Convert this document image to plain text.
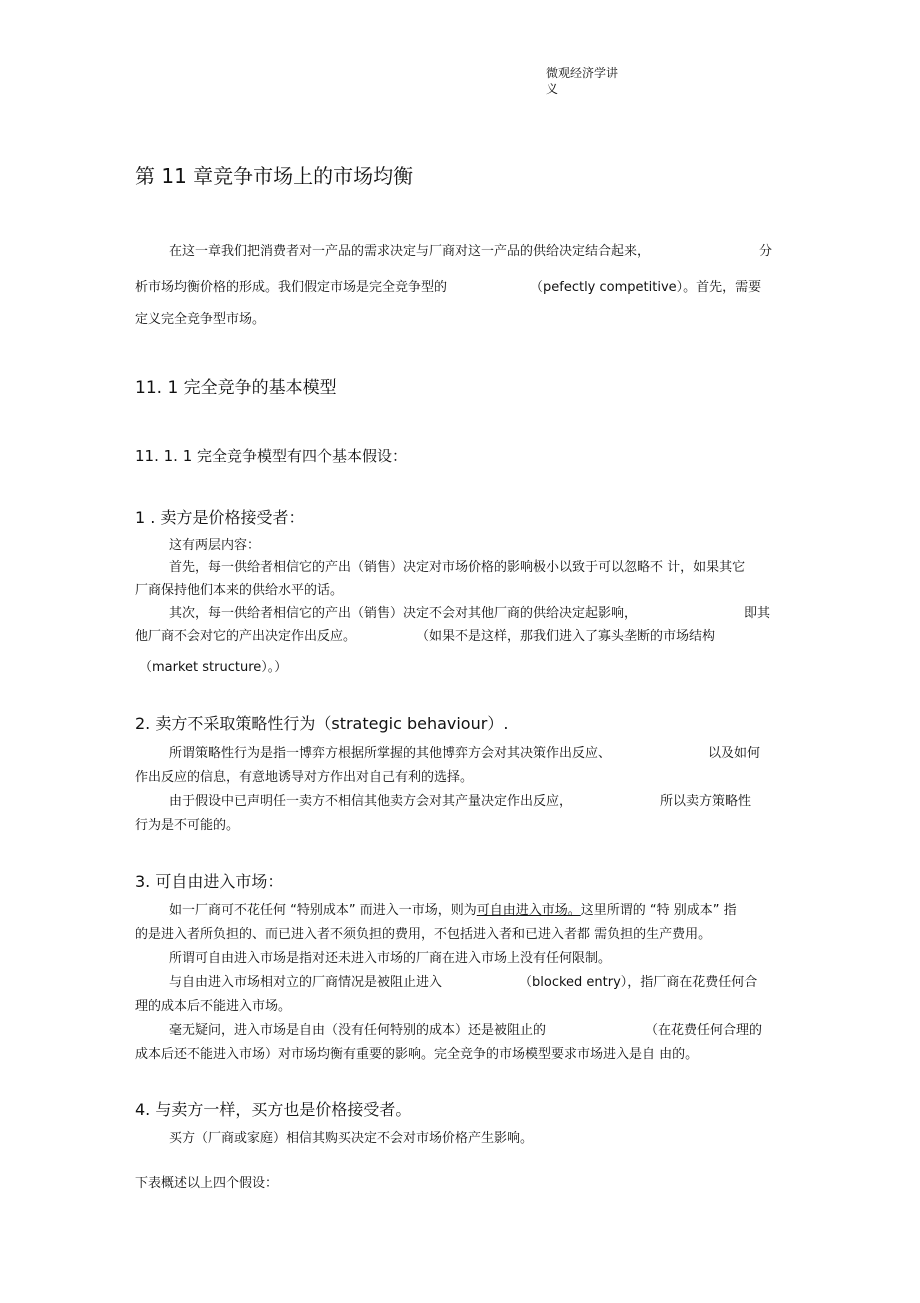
微观经济学讲
义
第 11 章竞争市场上的市场均衡
在这一章我们把消费者对一产品的需求决定与厂商对这一产品的供给决定结合起来，	分
析市场均衡价格的形成。我们假定市场是完全竞争型的	（pefectly competitive）。首先，需要
定义完全竞争型市场。
11. 1 完全竞争的基本模型
11. 1. 1 完全竞争模型有四个基本假设：
1 . 卖方是价格接受者：
这有两层内容：
首先，每一供给者相信它的产出（销售）决定对市场价格的影响极小以致于可以忽略不 计，如果其它
厂商保持他们本来的供给水平的话。
其次，每一供给者相信它的产出（销售）决定不会对其他厂商的供给决定起影响，	即其
他厂商不会对它的产出决定作出反应。	（如果不是这样，那我们进入了寡头垄断的市场结构
（market structure）。）
2. 卖方不采取策略性行为（strategic behaviour）.
所谓策略性行为是指一博弈方根据所掌握的其他博弈方会对其决策作出反应、	以及如何
作出反应的信息，有意地诱导对方作出对自己有利的选择。
由于假设中已声明任一卖方不相信其他卖方会对其产量决定作出反应，	所以卖方策略性
行为是不可能的。
3. 可自由进入市场：
如一厂商可不花任何 “特别成本” 而进入一市场，则为可自由进入市场。这里所谓的 “特 别成本” 指
的是进入者所负担的、而已进入者不须负担的费用，不包括进入者和已进入者都 需负担的生产费用。
所谓可自由进入市场是指对还未进入市场的厂商在进入市场上没有任何限制。
与自由进入市场相对立的厂商情况是被阻止进入	（blocked entry），指厂商在花费任何合
理的成本后不能进入市场。
毫无疑问，进入市场是自由（没有任何特别的成本）还是被阻止的	（在花费任何合理的
成本后还不能进入市场）对市场均衡有重要的影响。完全竞争的市场模型要求市场进入是自 由的。
4. 与卖方一样，买方也是价格接受者。
买方（厂商或家庭）相信其购买决定不会对市场价格产生影响。
下表概述以上四个假设：
